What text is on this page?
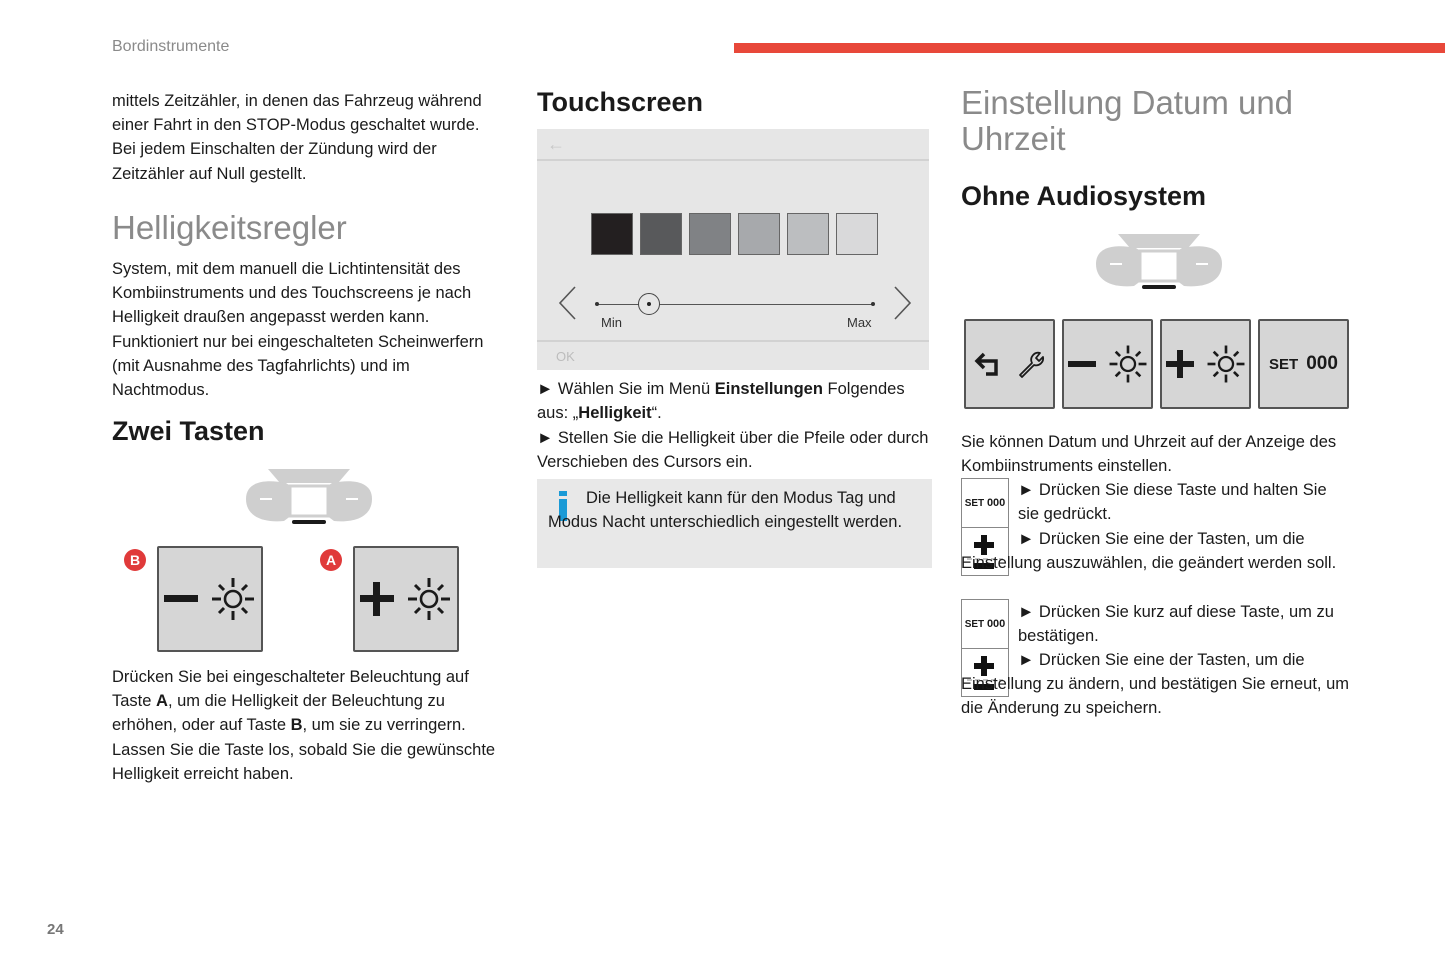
Bordinstrumente

mittels Zeitzähler, in denen das Fahrzeug während einer Fahrt in den STOP-Modus geschaltet wurde. Bei jedem Einschalten der Zündung wird der Zeitzähler auf Null gestellt.

Helligkeitsregler

System, mit dem manuell die Lichtintensität des Kombiinstruments und des Touchscreens je nach Helligkeit draußen angepasst werden kann. Funktioniert nur bei eingeschalteten Scheinwerfern (mit Ausnahme des Tagfahrlichts) und im Nachtmodus.

Zwei Tasten
B	A

Drücken Sie bei eingeschalteter Beleuchtung auf Taste A, um die Helligkeit der Beleuchtung zu erhöhen, oder auf Taste B, um sie zu verringern. Lassen Sie die Taste los, sobald Sie die gewünschte Helligkeit erreicht haben.

Touchscreen
←
Min	Max
OK

► Wählen Sie im Menü Einstellungen Folgendes aus: „Helligkeit“.

► Stellen Sie die Helligkeit über die Pfeile oder durch Verschieben des Cursors ein.

Die Helligkeit kann für den Modus Tag und Modus Nacht unterschiedlich eingestellt werden.

Einstellung Datum und Uhrzeit
Ohne Audiosystem
SET 000

Sie können Datum und Uhrzeit auf der Anzeige des Kombiinstruments einstellen.

SET
000
SET
000

► Drücken Sie diese Taste und halten Sie sie gedrückt.

► Drücken Sie eine der Tasten, um die Einstellung auszuwählen, die geändert werden soll.

► Drücken Sie kurz auf diese Taste, um zu bestätigen.

► Drücken Sie eine der Tasten, um die Einstellung zu ändern, und bestätigen Sie erneut, um die Änderung zu speichern.

24
